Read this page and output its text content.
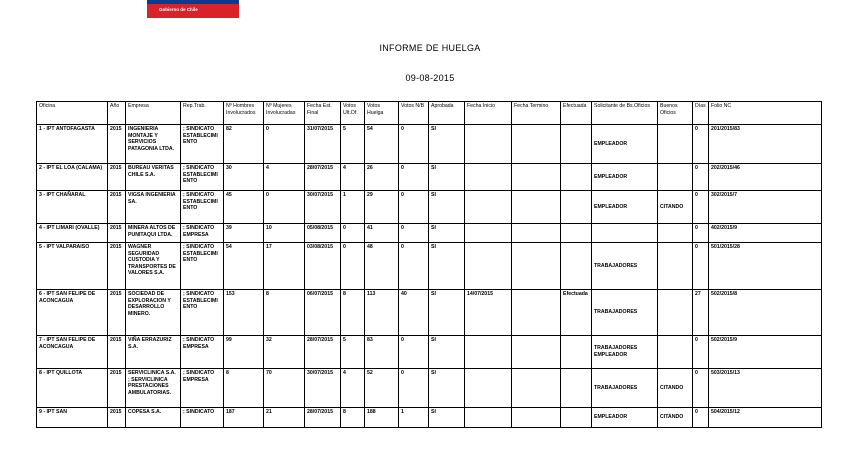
Gobierno de Chile
INFORME DE HUELGA
09-08-2015
Oficina	Año	Empresa	Rep.Trab.	Nº Hombres Involucrados	Nº Mujeres Involucradas	Fecha Est. Final	Votos Ult.Of.	Votos Huelga	Votos N/B	Aprobada	Fecha Inicio	Fecha Termino	Efectuada	Solicitante de Bs.Oficios	Buenos Oficios	Días	Folio NC
1 - IPT ANTOFAGASTA	2015	INGENIERIA MONTAJE Y SERVICIOS PATAGONIA LTDA.	; SINDICATO ESTABLECIMIENTO	82	0	31/07/2015	5	54	0	SI				EMPLEADOR		0	201/2015/83
2 - IPT EL LOA (CALAMA)	2015	BUREAU VERITAS CHILE S.A.	; SINDICATO ESTABLECIMIENTO	30	4	28/07/2015	4	26	0	SI				EMPLEADOR		0	202/2015/46
3 - IPT CHAÑARAL	2015	VIGSA INGENIERIA SA.	; SINDICATO ESTABLECIMIENTO	45	0	30/07/2015	1	29	0	SI				EMPLEADOR	CITANDO	0	302/2015/7
4 - IPT LIMARI (OVALLE)	2015	MINERA ALTOS DE PUNITAQUI LTDA.	; SINDICATO EMPRESA	39	10	05/08/2015	0	41	0	SI						0	402/2015/9
5 - IPT VALPARAISO	2015	WAGNER SEGURIDAD CUSTODIA Y TRANSPORTES DE VALORES S.A.	; SINDICATO ESTABLECIMIENTO	54	17	03/08/2015	0	48	0	SI				TRABAJADORES		0	501/2015/28
6 - IPT SAN FELIPE DE ACONCAGUA	2015	SOCIEDAD DE EXPLORACION Y DESARROLLO MINERO.	; SINDICATO ESTABLECIMIENTO	153	8	06/07/2015	8	113	40	SI	14/07/2015		Efectuada	TRABAJADORES		27	502/2015/8
7 - IPT SAN FELIPE DE ACONCAGUA	2015	VIÑA ERRAZURIZ S.A.	; SINDICATO EMPRESA	99	32	28/07/2015	5	83	0	SI				TRABAJADORES EMPLEADOR		0	502/2015/9
8 - IPT QUILLOTA	2015	SERVICLINICA S.A. ; SERVICLINICA PRESTACIONES AMBULATORIAS.	; SINDICATO EMPRESA	8	70	30/07/2015	4	52	0	SI				TRABAJADORES	CITANDO	0	503/2015/13
9 - IPT SAN	2015	COPESA S.A.	; SINDICATO	187	21	28/07/2015	8	188	1	SI				EMPLEADOR	CITANDO	0	504/2015/12
